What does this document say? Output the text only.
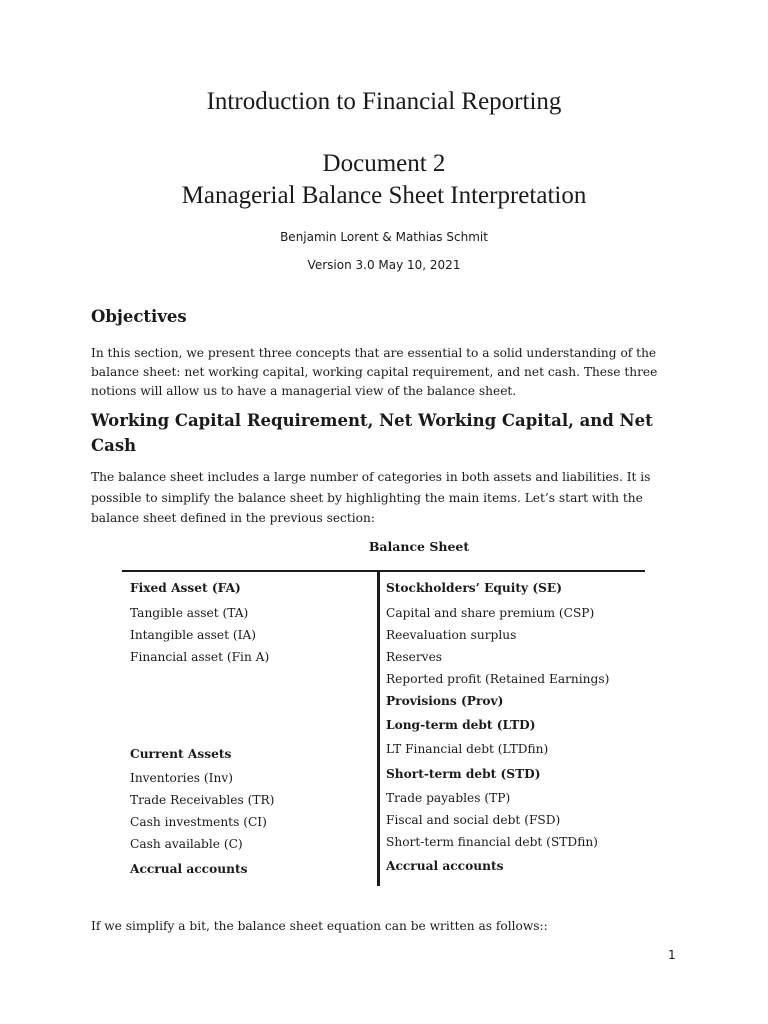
Introduction to Financial Reporting
Document 2
Managerial Balance Sheet Interpretation
Benjamin Lorent & Mathias Schmit
Version 3.0 May 10, 2021
Objectives
In this section, we present three concepts that are essential to a solid understanding of the balance sheet: net working capital, working capital requirement, and net cash. These three notions will allow us to have a managerial view of the balance sheet.
Working Capital Requirement, Net Working Capital, and Net Cash
The balance sheet includes a large number of categories in both assets and liabilities. It is possible to simplify the balance sheet by highlighting the main items. Let’s start with the balance sheet defined in the previous section:
Balance Sheet
Fixed Asset (FA)
Tangible asset (TA)
Intangible asset (IA)
Financial asset (Fin A)
Current Assets
Inventories (Inv)
Trade Receivables (TR)
Cash investments (CI)
Cash available (C)
Accrual accounts
Stockholders’ Equity (SE)
Capital and share premium (CSP)
Reevaluation surplus
Reserves
Reported profit (Retained Earnings)
Provisions (Prov)
Long-term debt (LTD)
LT Financial debt (LTDfin)
Short-term debt (STD)
Trade payables (TP)
Fiscal and social debt (FSD)
Short-term financial debt (STDfin)
Accrual accounts
If we simplify a bit, the balance sheet equation can be written as follows::
1
